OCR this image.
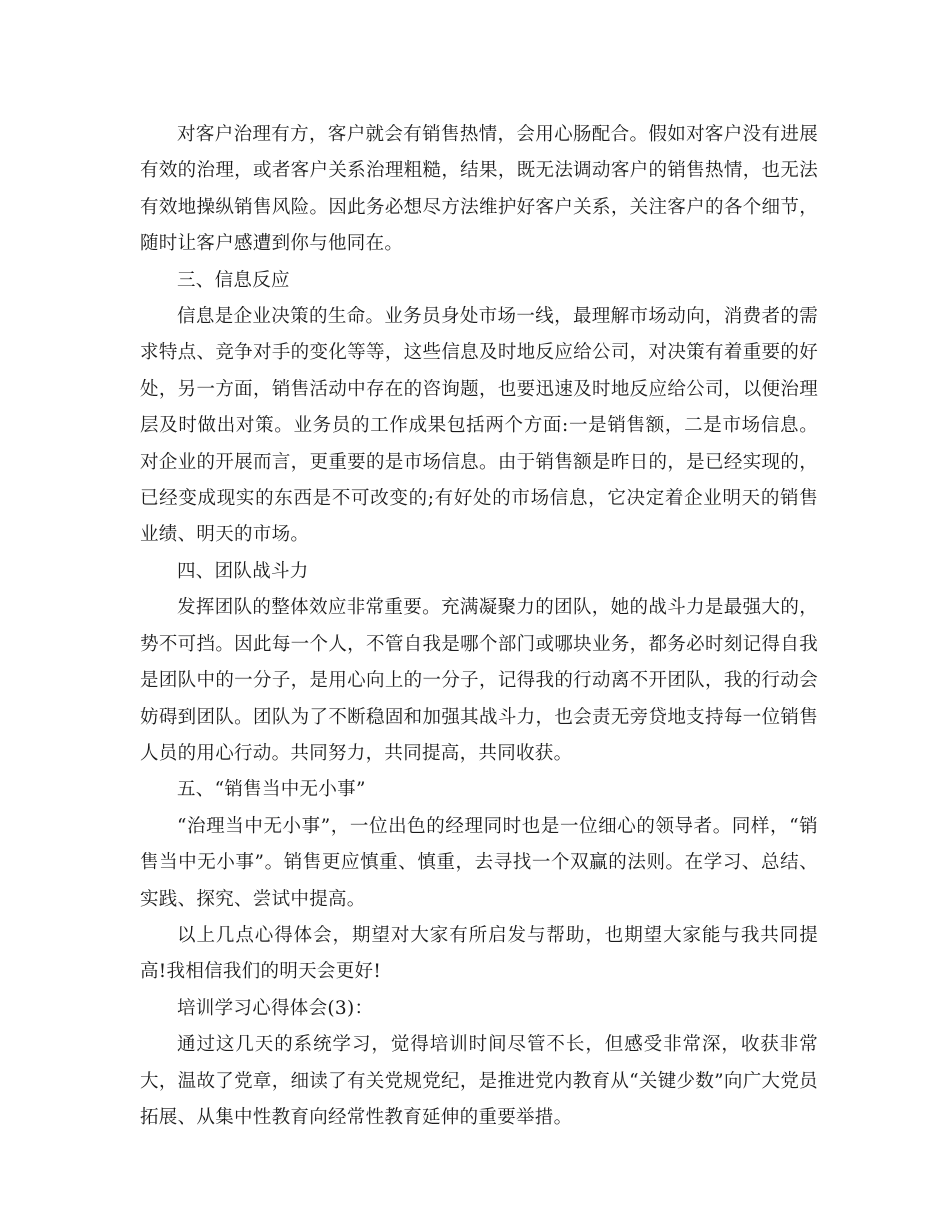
对客户治理有方，客户就会有销售热情，会用心肠配合。假如对客户没有进展有效的治理，或者客户关系治理粗糙，结果，既无法调动客户的销售热情，也无法有效地操纵销售风险。因此务必想尽方法维护好客户关系，关注客户的各个细节，随时让客户感遭到你与他同在。

三、信息反应

信息是企业决策的生命。业务员身处市场一线，最理解市场动向，消费者的需求特点、竞争对手的变化等等，这些信息及时地反应给公司，对决策有着重要的好处，另一方面，销售活动中存在的咨询题，也要迅速及时地反应给公司，以便治理层及时做出对策。业务员的工作成果包括两个方面:一是销售额，二是市场信息。对企业的开展而言，更重要的是市场信息。由于销售额是昨日的，是已经实现的，已经变成现实的东西是不可改变的;有好处的市场信息，它决定着企业明天的销售业绩、明天的市场。

四、团队战斗力

发挥团队的整体效应非常重要。充满凝聚力的团队，她的战斗力是最强大的，势不可挡。因此每一个人，不管自我是哪个部门或哪块业务，都务必时刻记得自我是团队中的一分子，是用心向上的一分子，记得我的行动离不开团队，我的行动会妨碍到团队。团队为了不断稳固和加强其战斗力，也会责无旁贷地支持每一位销售人员的用心行动。共同努力，共同提高，共同收获。

五、“销售当中无小事”

“治理当中无小事”，一位出色的经理同时也是一位细心的领导者。同样，“销售当中无小事”。销售更应慎重、慎重，去寻找一个双赢的法则。在学习、总结、实践、探究、尝试中提高。

以上几点心得体会，期望对大家有所启发与帮助，也期望大家能与我共同提高!我相信我们的明天会更好!

培训学习心得体会(3)：

通过这几天的系统学习，觉得培训时间尽管不长，但感受非常深，收获非常大，温故了党章，细读了有关党规党纪，是推进党内教育从“关键少数”向广大党员拓展、从集中性教育向经常性教育延伸的重要举措。
